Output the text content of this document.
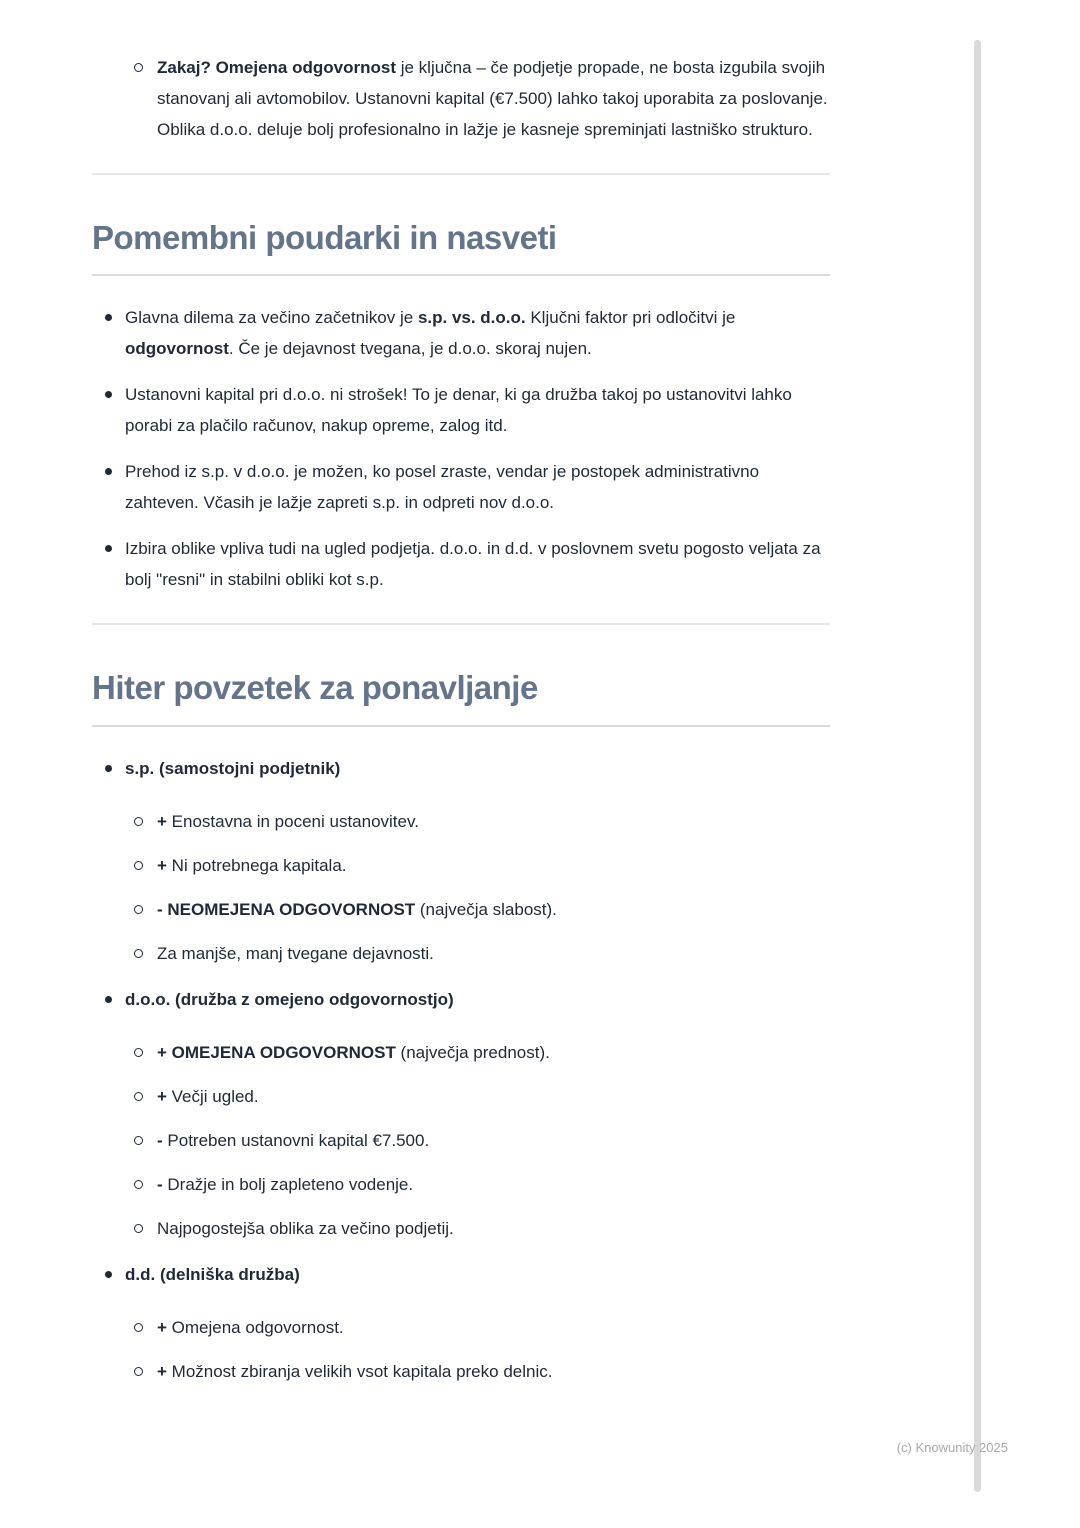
Zakaj? Omejena odgovornost je ključna – če podjetje propade, ne bosta izgubila svojih stanovanj ali avtomobilov. Ustanovni kapital (€7.500) lahko takoj uporabita za poslovanje. Oblika d.o.o. deluje bolj profesionalno in lažje je kasneje spreminjati lastniško strukturo.
Pomembni poudarki in nasveti
Glavna dilema za večino začetnikov je s.p. vs. d.o.o. Ključni faktor pri odločitvi je odgovornost. Če je dejavnost tvegana, je d.o.o. skoraj nujen.
Ustanovni kapital pri d.o.o. ni strošek! To je denar, ki ga družba takoj po ustanovitvi lahko porabi za plačilo računov, nakup opreme, zalog itd.
Prehod iz s.p. v d.o.o. je možen, ko posel zraste, vendar je postopek administrativno zahteven. Včasih je lažje zapreti s.p. in odpreti nov d.o.o.
Izbira oblike vpliva tudi na ugled podjetja. d.o.o. in d.d. v poslovnem svetu pogosto veljata za bolj "resni" in stabilni obliki kot s.p.
Hiter povzetek za ponavljanje
s.p. (samostojni podjetnik)
+ Enostavna in poceni ustanovitev.
+ Ni potrebnega kapitala.
- NEOMEJENA ODGOVORNOST (največja slabost).
Za manjše, manj tvegane dejavnosti.
d.o.o. (družba z omejeno odgovornostjo)
+ OMEJENA ODGOVORNOST (največja prednost).
+ Večji ugled.
- Potreben ustanovni kapital €7.500.
- Dražje in bolj zapleteno vodenje.
Najpogostejša oblika za večino podjetij.
d.d. (delniška družba)
+ Omejena odgovornost.
+ Možnost zbiranja velikih vsot kapitala preko delnic.
(c) Knowunity 2025
